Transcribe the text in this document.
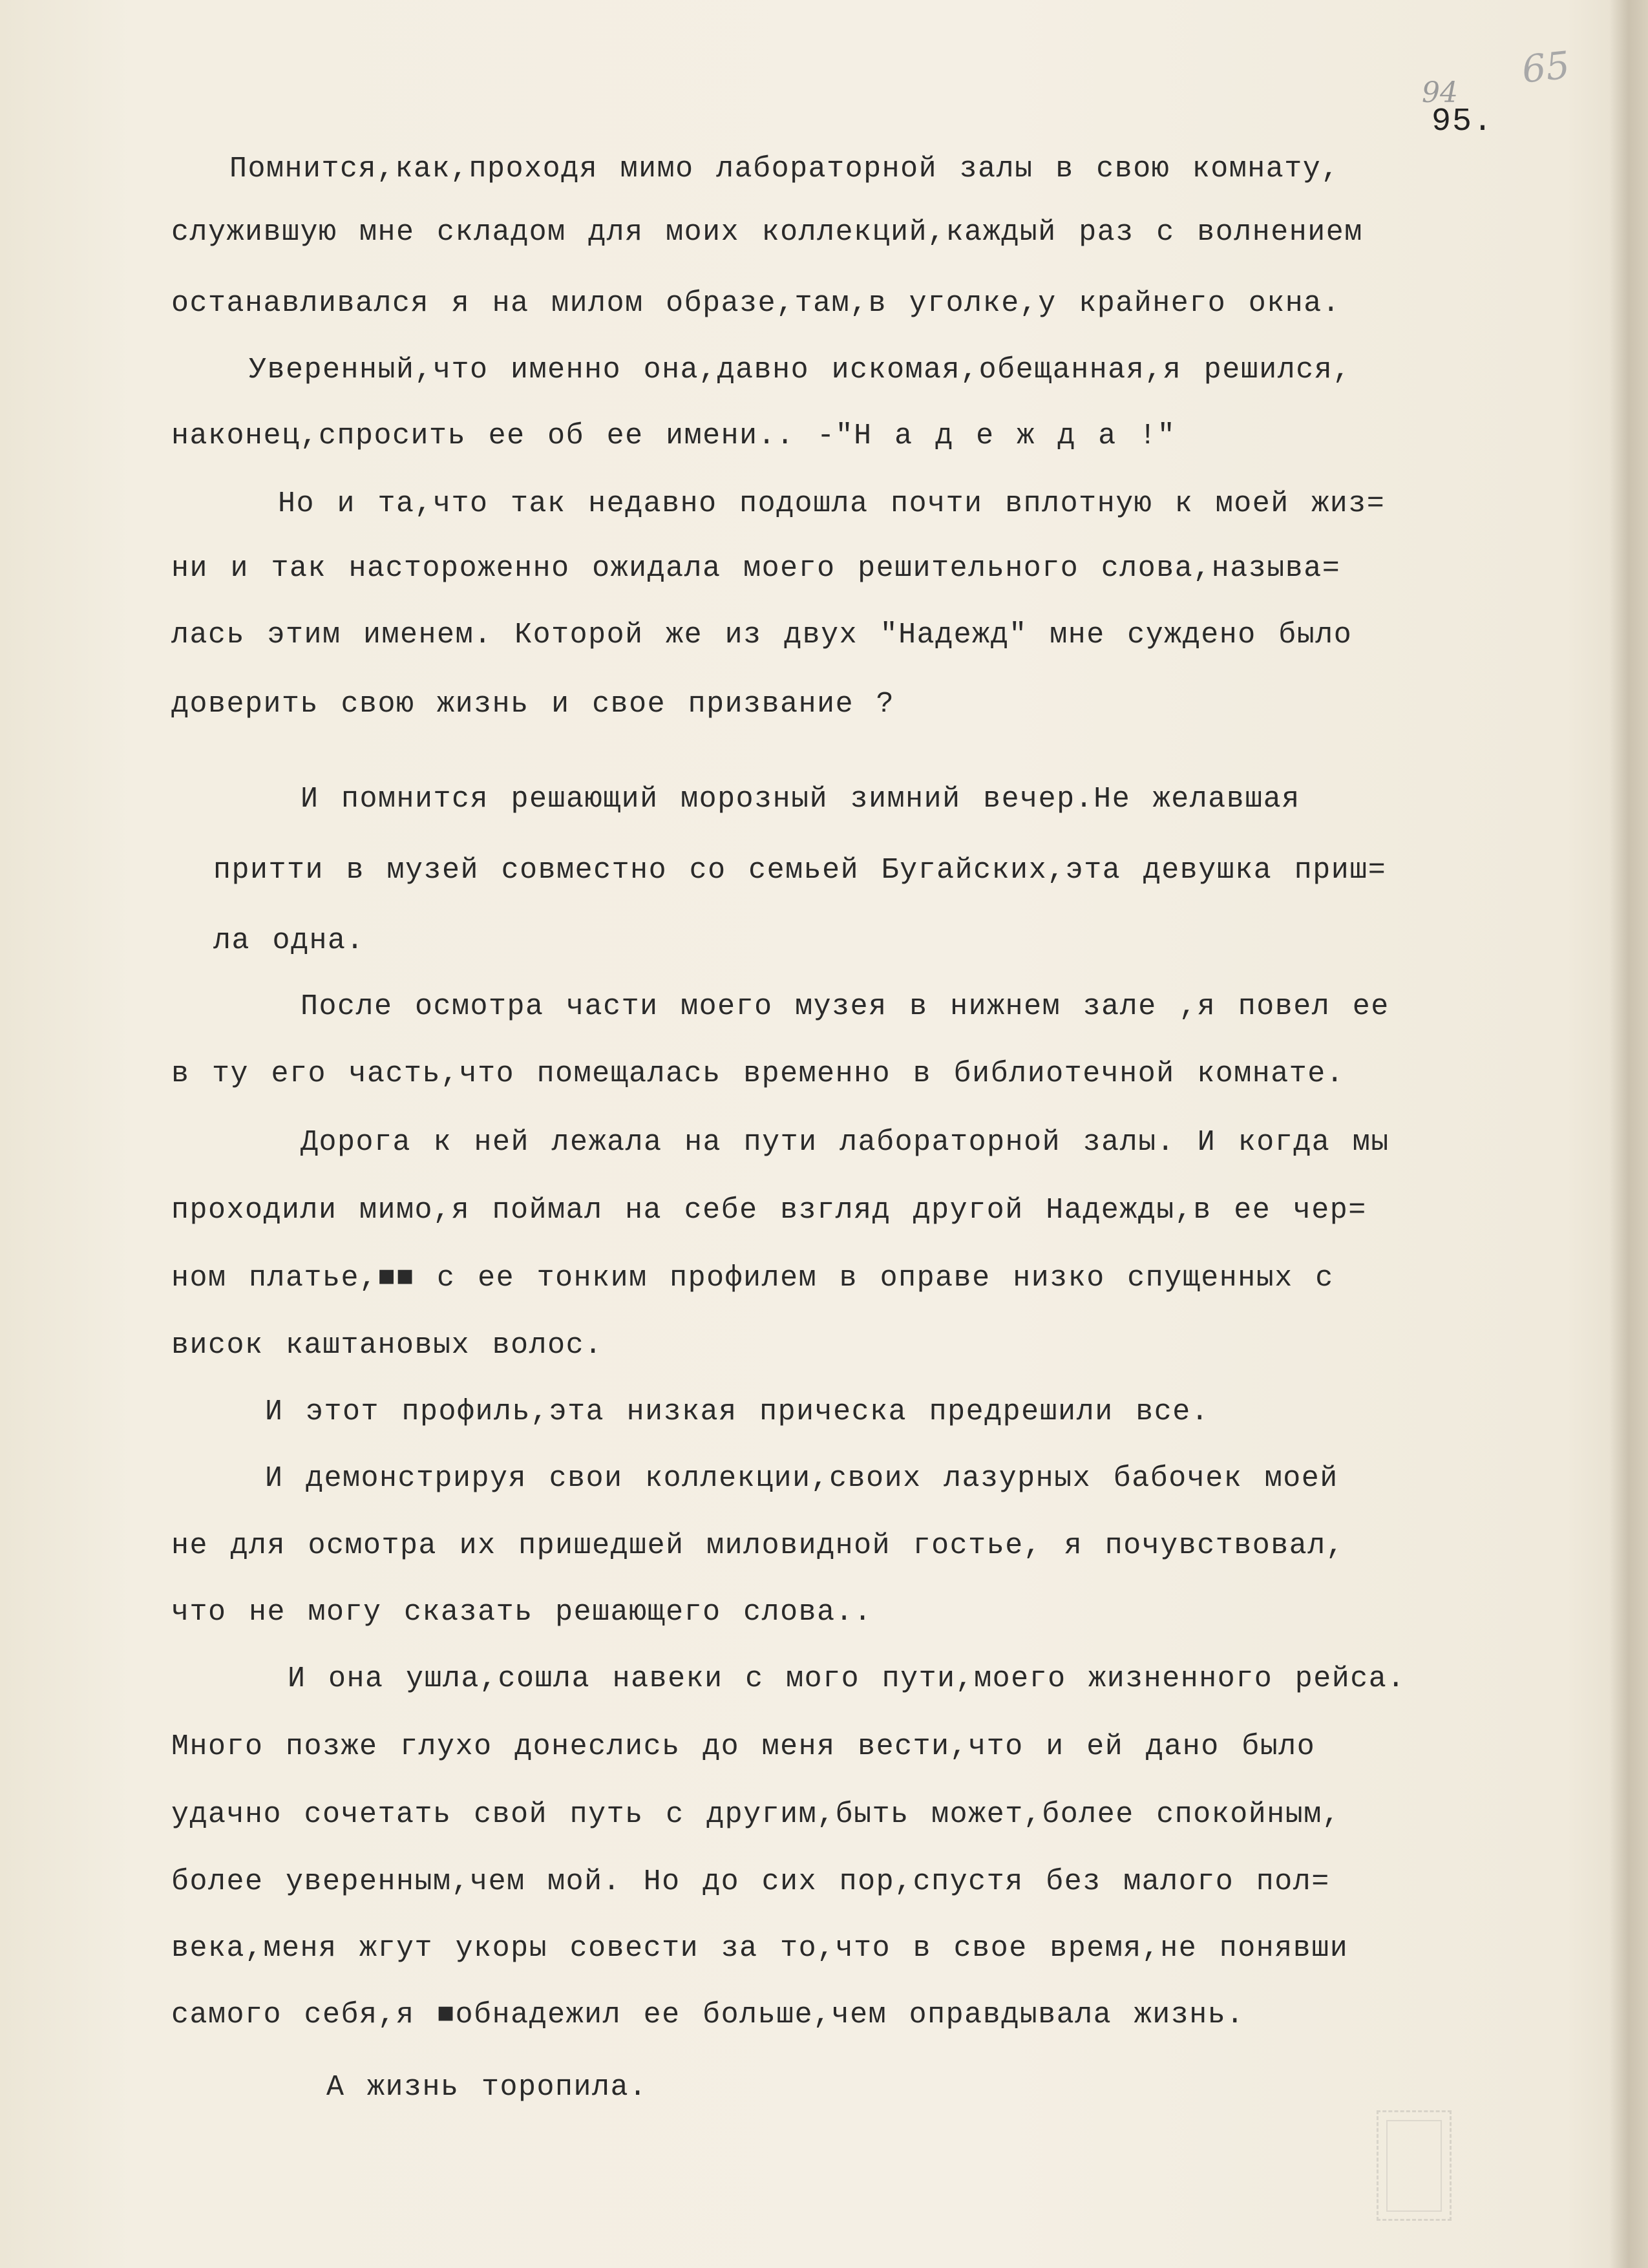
94
65
95.
Помнится,как,проходя мимо лабораторной залы в свою комнату,
служившую мне складом для моих коллекций,каждый раз с волнением
останавливался я на милом образе,там,в уголке,у крайнего окна.
Уверенный,что именно она,давно искомая,обещанная,я решился,
наконец,спросить ее об ее имени.. -"Н а д е ж д а !"
Но и та,что так недавно подошла почти вплотную к моей жиз=
ни и так настороженно ожидала моего решительного слова,называ=
лась этим именем. Которой же из двух "Надежд" мне суждено было
доверить свою жизнь и свое призвание ?
И помнится решающий морозный зимний вечер.Не желавшая
притти в музей совместно со семьей Бугайских,эта девушка приш=
ла одна.
После осмотра части моего музея в нижнем зале ,я повел ее
в ту его часть,что помещалась временно в библиотечной комнате.
Дорога к ней лежала на пути лабораторной залы. И когда мы
проходили мимо,я поймал на себе взгляд другой Надежды,в ее чер=
ном платье,■■ с ее тонким профилем в оправе низко спущенных с
висок каштановых волос.
И этот профиль,эта низкая прическа предрешили все.
И демонстрируя свои коллекции,своих лазурных бабочек моей
не для осмотра их пришедшей миловидной гостье, я почувствовал,
что не могу сказать решающего слова..
И она ушла,сошла навеки с мого пути,моего жизненного рейса.
Много позже глухо донеслись до меня вести,что и ей дано было
удачно сочетать свой путь с другим,быть может,более спокойным,
более уверенным,чем мой. Но до сих пор,спустя без малого пол=
века,меня жгут укоры совести за то,что в свое время,не понявши
самого себя,я ■обнадежил ее больше,чем оправдывала жизнь.
А жизнь торопила.
